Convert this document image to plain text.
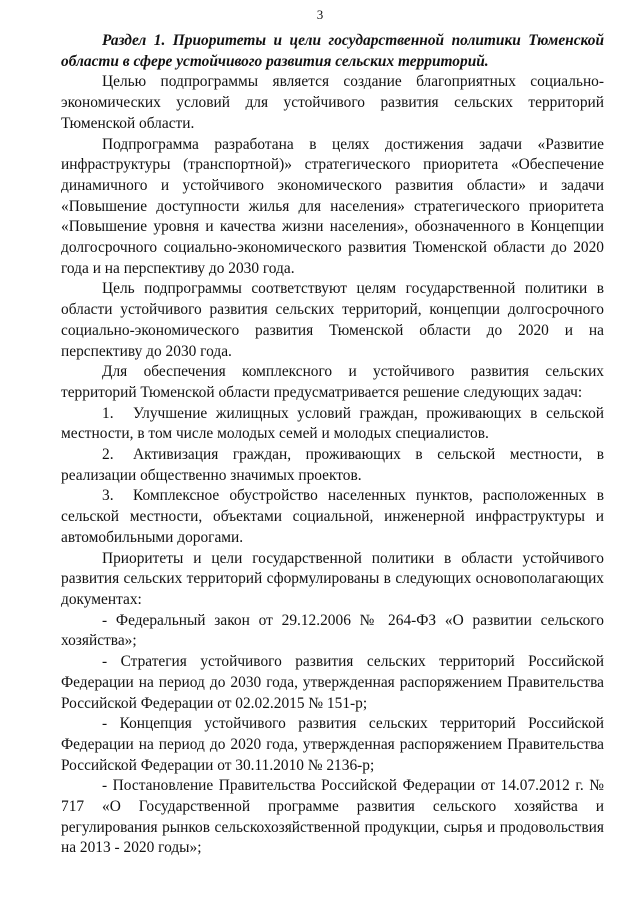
3

Раздел 1. Приоритеты и цели государственной политики Тюменской области в сфере устойчивого развития сельских территорий.

Целью подпрограммы является создание благоприятных социально-экономических условий для устойчивого развития сельских территорий Тюменской области.

Подпрограмма разработана в целях достижения задачи «Развитие инфраструктуры (транспортной)» стратегического приоритета «Обеспечение динамичного и устойчивого экономического развития области» и задачи «Повышение доступности жилья для населения» стратегического приоритета «Повышение уровня и качества жизни населения», обозначенного в Концепции долгосрочного социально-экономического развития Тюменской области до 2020 года и на перспективу до 2030 года.

Цель подпрограммы соответствуют целям государственной политики в области устойчивого развития сельских территорий, концепции долгосрочного социально-экономического развития Тюменской области до 2020 и на перспективу до 2030 года.

Для обеспечения комплексного и устойчивого развития сельских территорий Тюменской области предусматривается решение следующих задач:

1. Улучшение жилищных условий граждан, проживающих в сельской местности, в том числе молодых семей и молодых специалистов.

2. Активизация граждан, проживающих в сельской местности, в реализации общественно значимых проектов.

3. Комплексное обустройство населенных пунктов, расположенных в сельской местности, объектами социальной, инженерной инфраструктуры и автомобильными дорогами.

Приоритеты и цели государственной политики в области устойчивого развития сельских территорий сформулированы в следующих основополагающих документах:

- Федеральный закон от 29.12.2006 № 264-ФЗ «О развитии сельского хозяйства»;

- Стратегия устойчивого развития сельских территорий Российской Федерации на период до 2030 года, утвержденная распоряжением Правительства Российской Федерации от 02.02.2015 № 151-р;

- Концепция устойчивого развития сельских территорий Российской Федерации на период до 2020 года, утвержденная распоряжением Правительства Российской Федерации от 30.11.2010 № 2136-р;

- Постановление Правительства Российской Федерации от 14.07.2012 г. № 717 «О Государственной программе развития сельского хозяйства и регулирования рынков сельскохозяйственной продукции, сырья и продовольствия на 2013 - 2020 годы»;
